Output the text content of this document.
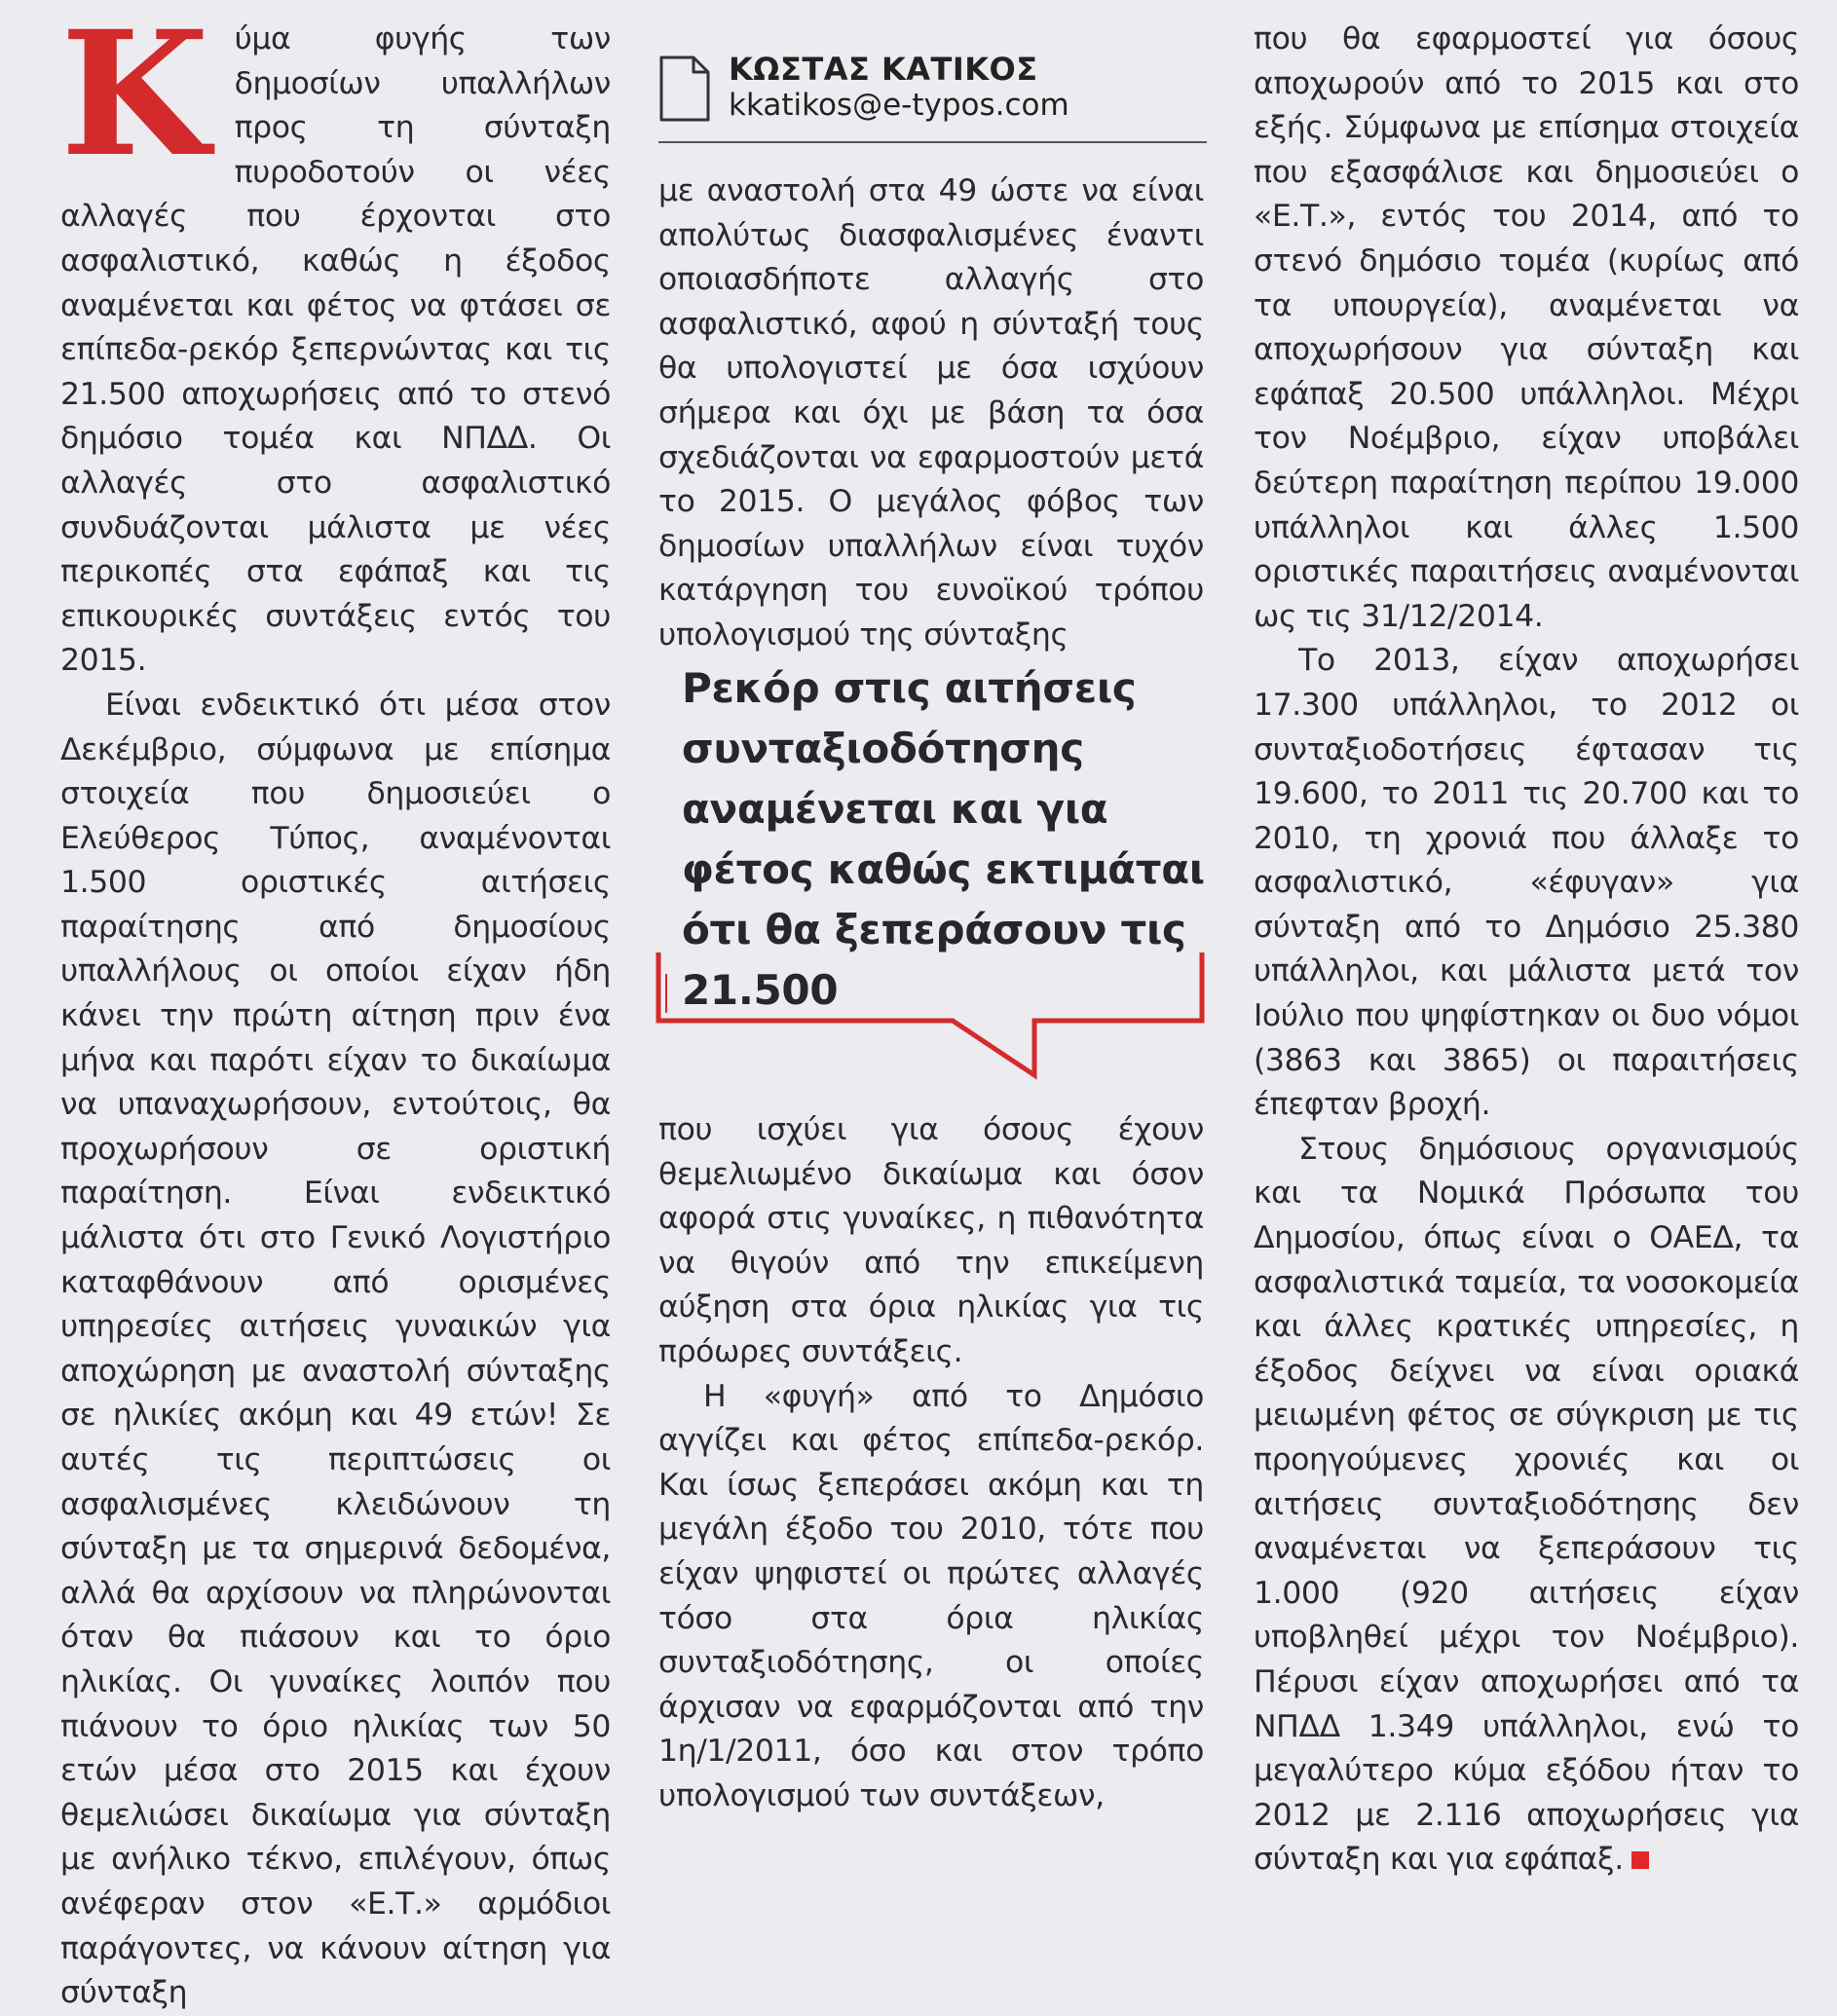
Κ ύμα φυγής των δημοσίων υπαλλήλων προς τη σύνταξη πυροδοτούν οι νέες αλλαγές που έρχονται στο ασφαλιστικό, καθώς η έξοδος αναμένεται και φέτος να φτάσει σε επίπεδα-ρεκόρ ξεπερνώντας και τις 21.500 αποχωρήσεις από το στενό δημόσιο τομέα και ΝΠΔΔ. Οι αλλαγές στο ασφαλιστικό συνδυάζονται μάλιστα με νέες περικοπές στα εφάπαξ και τις επικουρικές συντάξεις εντός του 2015.

Είναι ενδεικτικό ότι μέσα στον Δεκέμβριο, σύμφωνα με επίσημα στοιχεία που δημοσιεύει ο Ελεύθερος Τύπος, αναμένονται 1.500 οριστικές αιτήσεις παραίτησης από δημοσίους υπαλλήλους οι οποίοι είχαν ήδη κάνει την πρώτη αίτηση πριν ένα μήνα και παρότι είχαν το δικαίωμα να υπαναχωρήσουν, εντούτοις, θα προχωρήσουν σε οριστική παραίτηση. Είναι ενδεικτικό μάλιστα ότι στο Γενικό Λογιστήριο καταφθάνουν από ορισμένες υπηρεσίες αιτήσεις γυναικών για αποχώρηση με αναστολή σύνταξης σε ηλικίες ακόμη και 49 ετών! Σε αυτές τις περιπτώσεις οι ασφαλισμένες κλειδώνουν τη σύνταξη με τα σημερινά δεδομένα, αλλά θα αρχίσουν να πληρώνονται όταν θα πιάσουν και το όριο ηλικίας. Οι γυναίκες λοιπόν που πιάνουν το όριο ηλικίας των 50 ετών μέσα στο 2015 και έχουν θεμελιώσει δικαίωμα για σύνταξη με ανήλικο τέκνο, επιλέγουν, όπως ανέφεραν στον «Ε.Τ.» αρμόδιοι παράγοντες, να κάνουν αίτηση για σύνταξη

ΚΩΣΤΑΣ ΚΑΤΙΚΟΣ
kkatikos@e-typos.com

με αναστολή στα 49 ώστε να είναι απολύτως διασφαλισμένες έναντι οποιασδήποτε αλλαγής στο ασφαλιστικό, αφού η σύνταξή τους θα υπολογιστεί με όσα ισχύουν σήμερα και όχι με βάση τα όσα σχεδιάζονται να εφαρμοστούν μετά το 2015. Ο μεγάλος φόβος των δημοσίων υπαλλήλων είναι τυχόν κατάργηση του ευνοϊκού τρόπου υπολογισμού της σύνταξης

Ρεκόρ στις αιτήσεις συνταξιοδότησης αναμένεται και για φέτος καθώς εκτιμάται ότι θα ξεπεράσουν τις 21.500

που ισχύει για όσους έχουν θεμελιωμένο δικαίωμα και όσον αφορά στις γυναίκες, η πιθανότητα να θιγούν από την επικείμενη αύξηση στα όρια ηλικίας για τις πρόωρες συντάξεις.

Η «φυγή» από το Δημόσιο αγγίζει και φέτος επίπεδα-ρεκόρ. Και ίσως ξεπεράσει ακόμη και τη μεγάλη έξοδο του 2010, τότε που είχαν ψηφιστεί οι πρώτες αλλαγές τόσο στα όρια ηλικίας συνταξιοδότησης, οι οποίες άρχισαν να εφαρμόζονται από την 1η/1/2011, όσο και στον τρόπο υπολογισμού των συντάξεων,

που θα εφαρμοστεί για όσους αποχωρούν από το 2015 και στο εξής. Σύμφωνα με επίσημα στοιχεία που εξασφάλισε και δημοσιεύει ο «Ε.Τ.», εντός του 2014, από το στενό δημόσιο τομέα (κυρίως από τα υπουργεία), αναμένεται να αποχωρήσουν για σύνταξη και εφάπαξ 20.500 υπάλληλοι. Μέχρι τον Νοέμβριο, είχαν υποβάλει δεύτερη παραίτηση περίπου 19.000 υπάλληλοι και άλλες 1.500 οριστικές παραιτήσεις αναμένονται ως τις 31/12/2014.

Το 2013, είχαν αποχωρήσει 17.300 υπάλληλοι, το 2012 οι συνταξιοδοτήσεις έφτασαν τις 19.600, το 2011 τις 20.700 και το 2010, τη χρονιά που άλλαξε το ασφαλιστικό, «έφυγαν» για σύνταξη από το Δημόσιο 25.380 υπάλληλοι, και μάλιστα μετά τον Ιούλιο που ψηφίστηκαν οι δυο νόμοι (3863 και 3865) οι παραιτήσεις έπεφταν βροχή.

Στους δημόσιους οργανισμούς και τα Νομικά Πρόσωπα του Δημοσίου, όπως είναι ο ΟΑΕΔ, τα ασφαλιστικά ταμεία, τα νοσοκομεία και άλλες κρατικές υπηρεσίες, η έξοδος δείχνει να είναι οριακά μειωμένη φέτος σε σύγκριση με τις προηγούμενες χρονιές και οι αιτήσεις συνταξιοδότησης δεν αναμένεται να ξεπεράσουν τις 1.000 (920 αιτήσεις είχαν υποβληθεί μέχρι τον Νοέμβριο). Πέρυσι είχαν αποχωρήσει από τα ΝΠΔΔ 1.349 υπάλληλοι, ενώ το μεγαλύτερο κύμα εξόδου ήταν το 2012 με 2.116 αποχωρήσεις για σύνταξη και για εφάπαξ.
